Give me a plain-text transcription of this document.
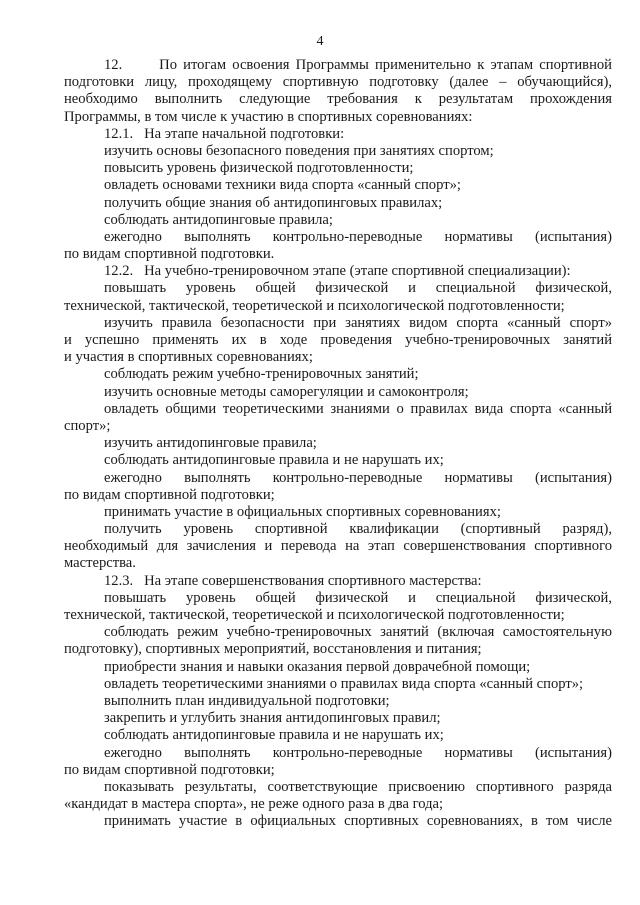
4
12.      По итогам освоения Программы применительно к этапам спортивной
подготовки лицу, проходящему спортивную подготовку (далее – обучающийся),
необходимо выполнить следующие требования к результатам прохождения
Программы, в том числе к участию в спортивных соревнованиях:
12.1.   На этапе начальной подготовки:
изучить основы безопасного поведения при занятиях спортом;
повысить уровень физической подготовленности;
овладеть основами техники вида спорта «санный спорт»;
получить общие знания об антидопинговых правилах;
соблюдать антидопинговые правила;
ежегодно выполнять контрольно-переводные нормативы (испытания)
по видам спортивной подготовки.
12.2.   На учебно-тренировочном этапе (этапе спортивной специализации):
повышать уровень общей физической и специальной физической,
технической, тактической, теоретической и психологической подготовленности;
изучить правила безопасности при занятиях видом спорта «санный спорт»
и успешно применять их в ходе проведения учебно-тренировочных занятий
и участия в спортивных соревнованиях;
соблюдать режим учебно-тренировочных занятий;
изучить основные методы саморегуляции и самоконтроля;
овладеть общими теоретическими знаниями о правилах вида спорта «санный
спорт»;
изучить антидопинговые правила;
соблюдать антидопинговые правила и не нарушать их;
ежегодно выполнять контрольно-переводные нормативы (испытания)
по видам спортивной подготовки;
принимать участие в официальных спортивных соревнованиях;
получить уровень спортивной квалификации (спортивный разряд),
необходимый для зачисления и перевода на этап совершенствования спортивного
мастерства.
12.3.   На этапе совершенствования спортивного мастерства:
повышать уровень общей физической и специальной физической,
технической, тактической, теоретической и психологической подготовленности;
соблюдать режим учебно-тренировочных занятий (включая самостоятельную
подготовку), спортивных мероприятий, восстановления и питания;
приобрести знания и навыки оказания первой доврачебной помощи;
овладеть теоретическими знаниями о правилах вида спорта «санный спорт»;
выполнить план индивидуальной подготовки;
закрепить и углубить знания антидопинговых правил;
соблюдать антидопинговые правила и не нарушать их;
ежегодно выполнять контрольно-переводные нормативы (испытания)
по видам спортивной подготовки;
показывать результаты, соответствующие присвоению спортивного разряда
«кандидат в мастера спорта», не реже одного раза в два года;
принимать участие в официальных спортивных соревнованиях, в том числе
